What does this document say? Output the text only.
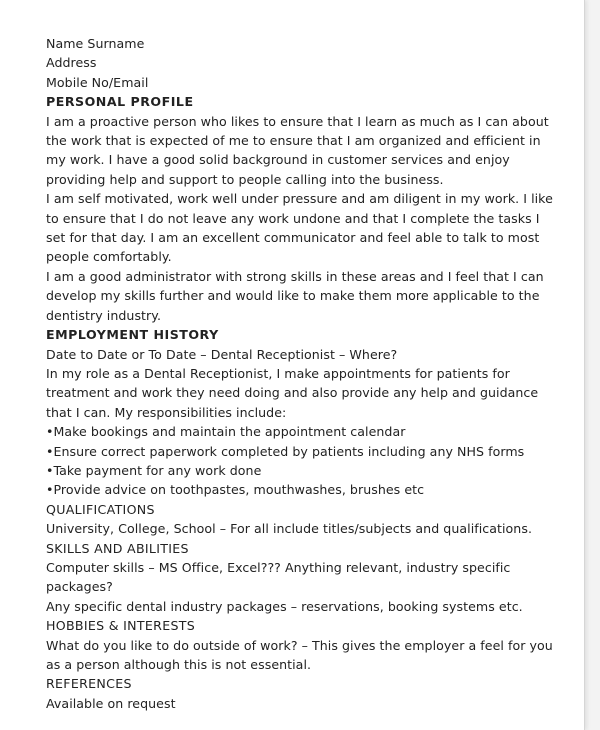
Name Surname
Address
Mobile No/Email
PERSONAL PROFILE
I am a proactive person who likes to ensure that I learn as much as I can about
the work that is expected of me to ensure that I am organized and efficient in
my work. I have a good solid background in customer services and enjoy
providing help and support to people calling into the business.
I am self motivated, work well under pressure and am diligent in my work. I like
to ensure that I do not leave any work undone and that I complete the tasks I
set for that day. I am an excellent communicator and feel able to talk to most
people comfortably.
I am a good administrator with strong skills in these areas and I feel that I can
develop my skills further and would like to make them more applicable to the
dentistry industry.
EMPLOYMENT HISTORY
Date to Date or To Date – Dental Receptionist – Where?
In my role as a Dental Receptionist, I make appointments for patients for
treatment and work they need doing and also provide any help and guidance
that I can. My responsibilities include:
•Make bookings and maintain the appointment calendar
•Ensure correct paperwork completed by patients including any NHS forms
•Take payment for any work done
•Provide advice on toothpastes, mouthwashes, brushes etc
QUALIFICATIONS
University, College, School – For all include titles/subjects and qualifications.
SKILLS AND ABILITIES
Computer skills – MS Office, Excel??? Anything relevant, industry specific
packages?
Any specific dental industry packages – reservations, booking systems etc.
HOBBIES & INTERESTS
What do you like to do outside of work? – This gives the employer a feel for you
as a person although this is not essential.
REFERENCES
Available on request
